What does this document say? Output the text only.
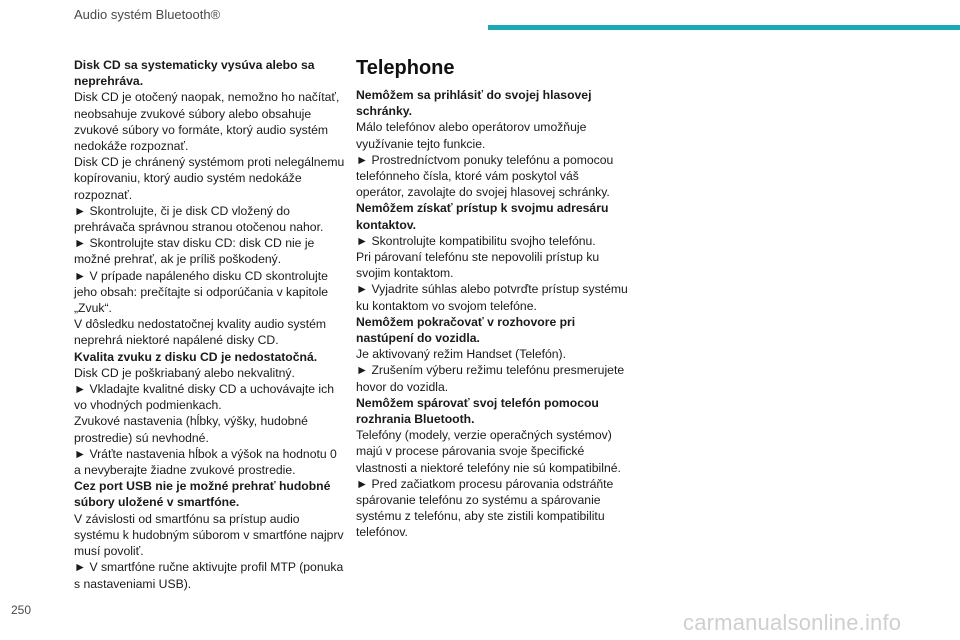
Audio systém Bluetooth®

Disk CD sa systematicky vysúva alebo sa neprehráva.

Disk CD je otočený naopak, nemožno ho načítať, neobsahuje zvukové súbory alebo obsahuje zvukové súbory vo formáte, ktorý audio systém nedokáže rozpoznať.

Disk CD je chránený systémom proti nelegálnemu kopírovaniu, ktorý audio systém nedokáže rozpoznať.

► Skontrolujte, či je disk CD vložený do prehrávača správnou stranou otočenou nahor.

► Skontrolujte stav disku CD: disk CD nie je možné prehrať, ak je príliš poškodený.

► V prípade napáleného disku CD skontrolujte jeho obsah: prečítajte si odporúčania v kapitole „Zvuk“.

V dôsledku nedostatočnej kvality audio systém neprehrá niektoré napálené disky CD.

Kvalita zvuku z disku CD je nedostatočná.

Disk CD je poškriabaný alebo nekvalitný.

► Vkladajte kvalitné disky CD a uchovávajte ich vo vhodných podmienkach.

Zvukové nastavenia (hĺbky, výšky, hudobné prostredie) sú nevhodné.

► Vráťte nastavenia hĺbok a výšok na hodnotu 0 a nevyberajte žiadne zvukové prostredie.

Cez port USB nie je možné prehrať hudobné súbory uložené v smartfóne.

V závislosti od smartfónu sa prístup audio systému k hudobným súborom v smartfóne najprv musí povoliť.

► V smartfóne ručne aktivujte profil MTP (ponuka s nastaveniami USB).

Telephone

Nemôžem sa prihlásiť do svojej hlasovej schránky.

Málo telefónov alebo operátorov umožňuje využívanie tejto funkcie.

► Prostredníctvom ponuky telefónu a pomocou telefónneho čísla, ktoré vám poskytol váš operátor, zavolajte do svojej hlasovej schránky.

Nemôžem získať prístup k svojmu adresáru kontaktov.

► Skontrolujte kompatibilitu svojho telefónu.

Pri párovaní telefónu ste nepovolili prístup ku svojim kontaktom.

► Vyjadrite súhlas alebo potvrďte prístup systému ku kontaktom vo svojom telefóne.

Nemôžem pokračovať v rozhovore pri nastúpení do vozidla.

Je aktivovaný režim Handset (Telefón).

► Zrušením výberu režimu telefónu presmerujete hovor do vozidla.

Nemôžem spárovať svoj telefón pomocou rozhrania Bluetooth.

Telefóny (modely, verzie operačných systémov) majú v procese párovania svoje špecifické vlastnosti a niektoré telefóny nie sú kompatibilné.

► Pred začiatkom procesu párovania odstráňte spárovanie telefónu zo systému a spárovanie systému z telefónu, aby ste zistili kompatibilitu telefónov.

250	carmanualsonline.info
